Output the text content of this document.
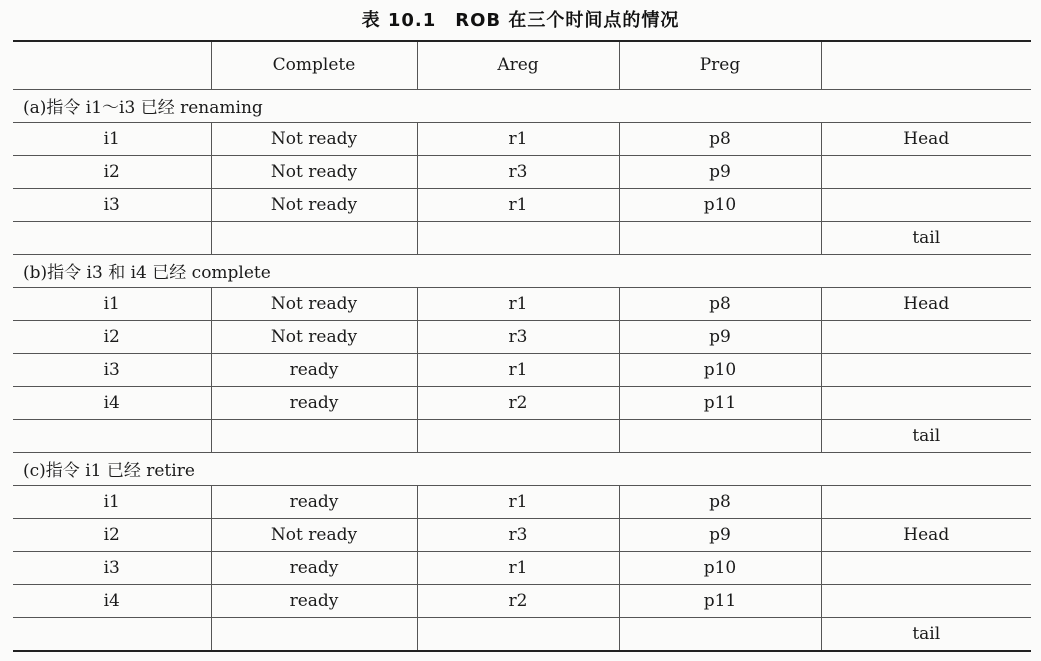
表 10.1　ROB 在三个时间点的情况
	Complete	Areg	Preg	
(a)指令 i1～i3 已经 renaming				
i1	Not ready	r1	p8	Head
i2	Not ready	r3	p9	
i3	Not ready	r1	p10	
				tail
(b)指令 i3 和 i4 已经 complete				
i1	Not ready	r1	p8	Head
i2	Not ready	r3	p9	
i3	ready	r1	p10	
i4	ready	r2	p11	
				tail
(c)指令 i1 已经 retire				
i1	ready	r1	p8	
i2	Not ready	r3	p9	Head
i3	ready	r1	p10	
i4	ready	r2	p11	
				tail
